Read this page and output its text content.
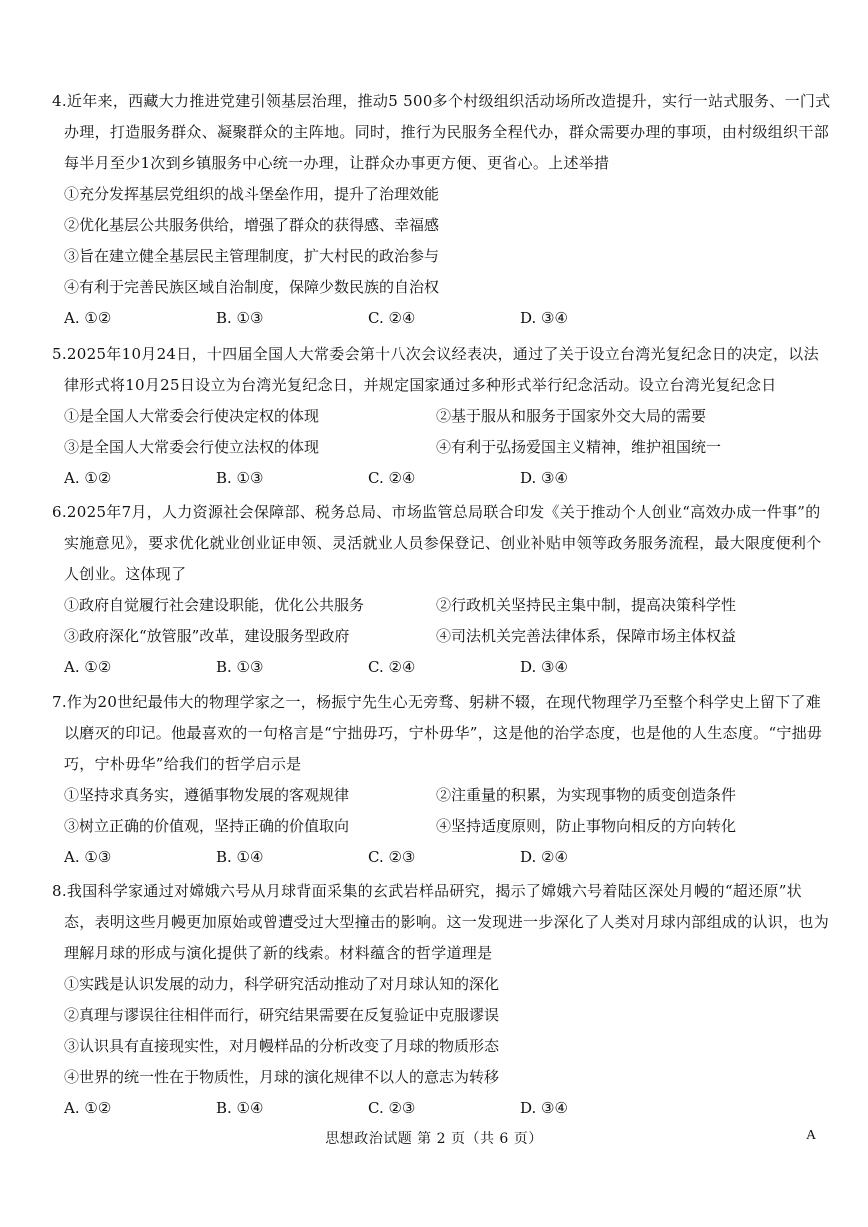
4.近年来，西藏大力推进党建引领基层治理，推动5 500多个村级组织活动场所改造提升，实行一站式服务、一门式办理，打造服务群众、凝聚群众的主阵地。同时，推行为民服务全程代办，群众需要办理的事项，由村级组织干部每半月至少1次到乡镇服务中心统一办理，让群众办事更方便、更省心。上述举措

①充分发挥基层党组织的战斗堡垒作用，提升了治理效能

②优化基层公共服务供给，增强了群众的获得感、幸福感

③旨在建立健全基层民主管理制度，扩大村民的政治参与

④有利于完善民族区域自治制度，保障少数民族的自治权

A. ①②	B. ①③	C. ②④	D. ③④

5.2025年10月24日，十四届全国人大常委会第十八次会议经表决，通过了关于设立台湾光复纪念日的决定，以法律形式将10月25日设立为台湾光复纪念日，并规定国家通过多种形式举行纪念活动。设立台湾光复纪念日

①是全国人大常委会行使决定权的体现	②基于服从和服务于国家外交大局的需要
③是全国人大常委会行使立法权的体现	④有利于弘扬爱国主义精神，维护祖国统一
A. ①②	B. ①③	C. ②④	D. ③④

6.2025年7月，人力资源社会保障部、税务总局、市场监管总局联合印发《关于推动个人创业“高效办成一件事”的实施意见》，要求优化就业创业证申领、灵活就业人员参保登记、创业补贴申领等政务服务流程，最大限度便利个人创业。这体现了

①政府自觉履行社会建设职能，优化公共服务	②行政机关坚持民主集中制，提高决策科学性
③政府深化“放管服”改革，建设服务型政府	④司法机关完善法律体系，保障市场主体权益
A. ①②	B. ①③	C. ②④	D. ③④

7.作为20世纪最伟大的物理学家之一，杨振宁先生心无旁骛、躬耕不辍，在现代物理学乃至整个科学史上留下了难以磨灭的印记。他最喜欢的一句格言是“宁拙毋巧，宁朴毋华”，这是他的治学态度，也是他的人生态度。“宁拙毋巧，宁朴毋华”给我们的哲学启示是

①坚持求真务实，遵循事物发展的客观规律	②注重量的积累，为实现事物的质变创造条件
③树立正确的价值观，坚持正确的价值取向	④坚持适度原则，防止事物向相反的方向转化
A. ①③	B. ①④	C. ②③	D. ②④

8.我国科学家通过对嫦娥六号从月球背面采集的玄武岩样品研究，揭示了嫦娥六号着陆区深处月幔的“超还原”状态，表明这些月幔更加原始或曾遭受过大型撞击的影响。这一发现进一步深化了人类对月球内部组成的认识，也为理解月球的形成与演化提供了新的线索。材料蕴含的哲学道理是

①实践是认识发展的动力，科学研究活动推动了对月球认知的深化

②真理与谬误往往相伴而行，研究结果需要在反复验证中克服谬误

③认识具有直接现实性，对月幔样品的分析改变了月球的物质形态

④世界的统一性在于物质性，月球的演化规律不以人的意志为转移

A. ①②	B. ①④	C. ②③	D. ③④
思想政治试题 第 2 页（共 6 页）	A
